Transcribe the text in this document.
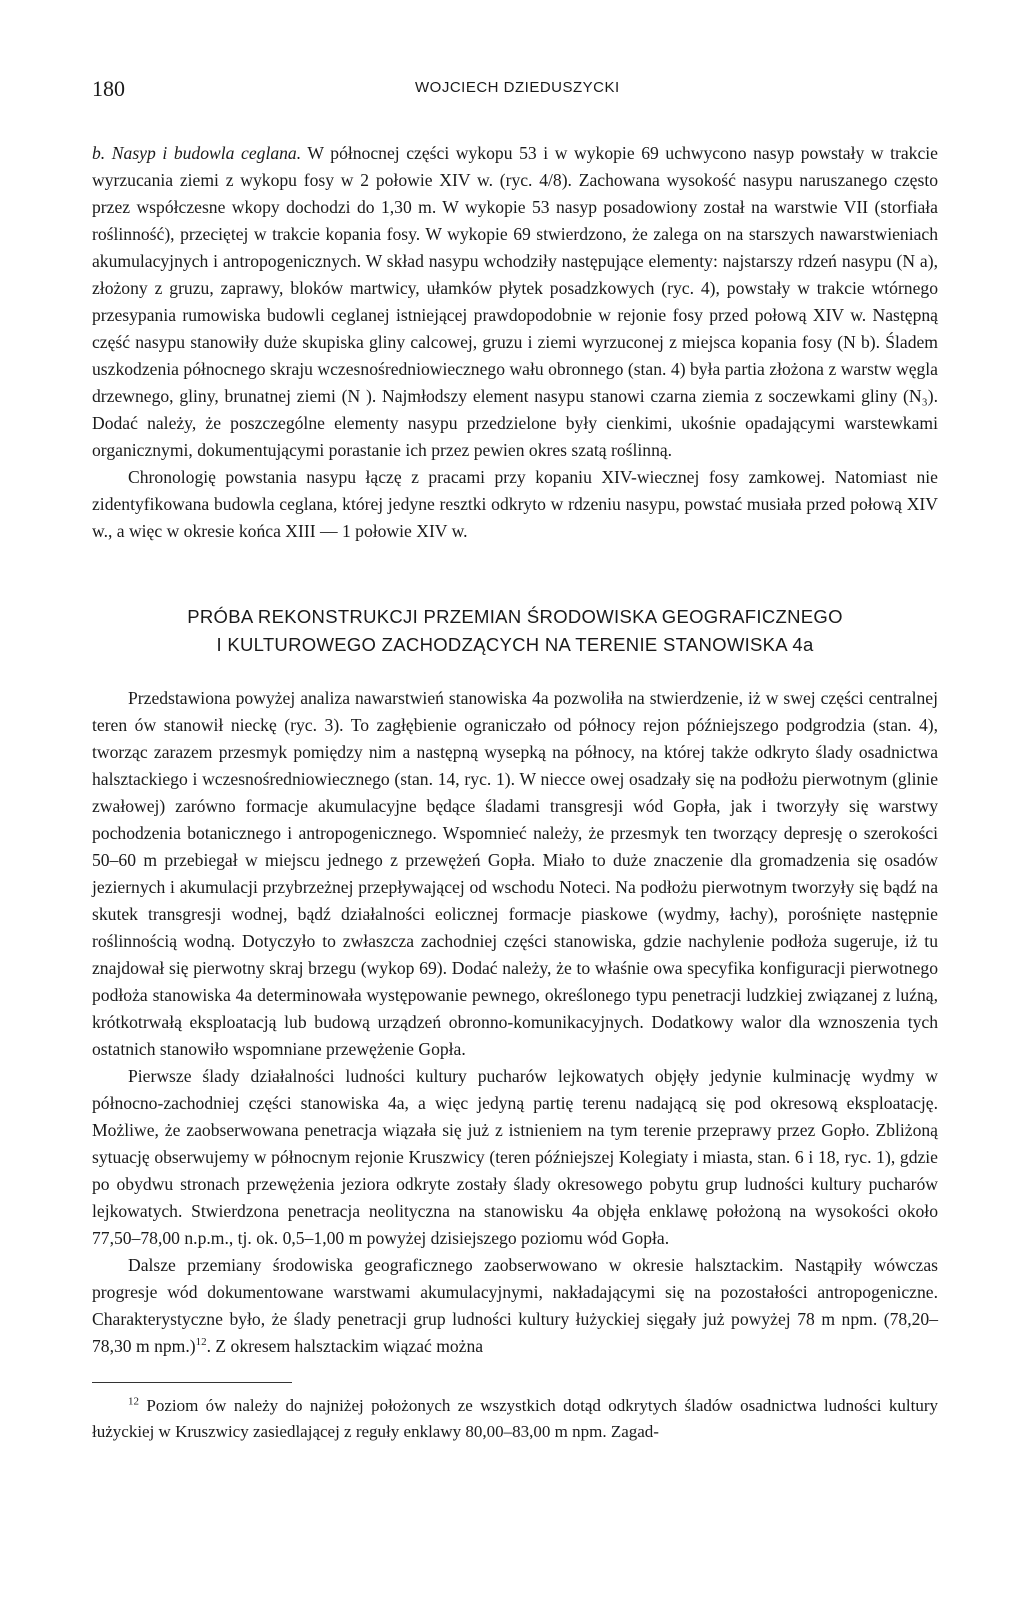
180	WOJCIECH DZIEDUSZYCKI

b. Nasyp i budowla ceglana. W północnej części wykopu 53 i w wykopie 69 uchwycono nasyp powstały w trakcie wyrzucania ziemi z wykopu fosy w 2 połowie XIV w. (ryc. 4/8). Zachowana wysokość nasypu naruszanego często przez współczesne wkopy dochodzi do 1,30 m. W wykopie 53 nasyp posadowiony został na warstwie VII (storfiała roślinność), przeciętej w trakcie kopania fosy. W wykopie 69 stwierdzono, że zalega on na starszych nawarstwieniach akumulacyjnych i antropogenicznych. W skład nasypu wchodziły następujące elementy: najstarszy rdzeń nasypu (N a), złożony z gruzu, zaprawy, bloków martwicy, ułamków płytek posadzkowych (ryc. 4), powstały w trakcie wtórnego przesypania rumowiska budowli ceglanej istniejącej prawdopodobnie w rejonie fosy przed połową XIV w. Następną część nasypu stanowiły duże skupiska gliny calcowej, gruzu i ziemi wyrzuconej z miejsca kopania fosy (N b). Śladem uszkodzenia północnego skraju wczesnośredniowiecznego wału obronnego (stan. 4) była partia złożona z warstw węgla drzewnego, gliny, brunatnej ziemi (N ). Najmłodszy element nasypu stanowi czarna ziemia z soczewkami gliny (N₃). Dodać należy, że poszczególne elementy nasypu przedzielone były cienkimi, ukośnie opadającymi warstewkami organicznymi, dokumentującymi porastanie ich przez pewien okres szatą roślinną.

Chronologię powstania nasypu łączę z pracami przy kopaniu XIV-wiecznej fosy zamkowej. Natomiast nie zidentyfikowana budowla ceglana, której jedyne resztki odkryto w rdzeniu nasypu, powstać musiała przed połową XIV w., a więc w okresie końca XIII — 1 połowie XIV w.

PRÓBA REKONSTRUKCJI PRZEMIAN ŚRODOWISKA GEOGRAFICZNEGO
I KULTUROWEGO ZACHODZĄCYCH NA TERENIE STANOWISKA 4a

Przedstawiona powyżej analiza nawarstwień stanowiska 4a pozwoliła na stwierdzenie, iż w swej części centralnej teren ów stanowił nieckę (ryc. 3). To zagłębienie ograniczało od północy rejon późniejszego podgrodzia (stan. 4), tworząc zarazem przesmyk pomiędzy nim a następną wysepką na północy, na której także odkryto ślady osadnictwa halsztackiego i wczesnośredniowiecznego (stan. 14, ryc. 1). W niecce owej osadzały się na podłożu pierwotnym (glinie zwałowej) zarówno formacje akumulacyjne będące śladami transgresji wód Gopła, jak i tworzyły się warstwy pochodzenia botanicznego i antropogenicznego. Wspomnieć należy, że przesmyk ten tworzący depresję o szerokości 50–60 m przebiegał w miejscu jednego z przewężeń Gopła. Miało to duże znaczenie dla gromadzenia się osadów jeziernych i akumulacji przybrzeżnej przepływającej od wschodu Noteci. Na podłożu pierwotnym tworzyły się bądź na skutek transgresji wodnej, bądź działalności eolicznej formacje piaskowe (wydmy, łachy), porośnięte następnie roślinnością wodną. Dotyczyło to zwłaszcza zachodniej części stanowiska, gdzie nachylenie podłoża sugeruje, iż tu znajdował się pierwotny skraj brzegu (wykop 69). Dodać należy, że to właśnie owa specyfika konfiguracji pierwotnego podłoża stanowiska 4a determinowała występowanie pewnego, określonego typu penetracji ludzkiej związanej z luźną, krótkotrwałą eksploatacją lub budową urządzeń obronno-komunikacyjnych. Dodatkowy walor dla wznoszenia tych ostatnich stanowiło wspomniane przewężenie Gopła.

Pierwsze ślady działalności ludności kultury pucharów lejkowatych objęły jedynie kulminację wydmy w północno-zachodniej części stanowiska 4a, a więc jedyną partię terenu nadającą się pod okresową eksploatację. Możliwe, że zaobserwowana penetracja wiązała się już z istnieniem na tym terenie przeprawy przez Gopło. Zbliżoną sytuację obserwujemy w północnym rejonie Kruszwicy (teren późniejszej Kolegiaty i miasta, stan. 6 i 18, ryc. 1), gdzie po obydwu stronach przewężenia jeziora odkryte zostały ślady okresowego pobytu grup ludności kultury pucharów lejkowatych. Stwierdzona penetracja neolityczna na stanowisku 4a objęła enklawę położoną na wysokości około 77,50–78,00 n.p.m., tj. ok. 0,5–1,00 m powyżej dzisiejszego poziomu wód Gopła.

Dalsze przemiany środowiska geograficznego zaobserwowano w okresie halsztackim. Nastąpiły wówczas progresje wód dokumentowane warstwami akumulacyjnymi, nakładającymi się na pozostałości antropogeniczne. Charakterystyczne było, że ślady penetracji grup ludności kultury łużyckiej sięgały już powyżej 78 m npm. (78,20–78,30 m npm.)$^{12}$. Z okresem halsztackim wiązać można

$^{12}$ Poziom ów należy do najniżej położonych ze wszystkich dotąd odkrytych śladów osadnictwa ludności kultury łużyckiej w Kruszwicy zasiedlającej z reguły enklawy 80,00–83,00 m npm. Zagad-
